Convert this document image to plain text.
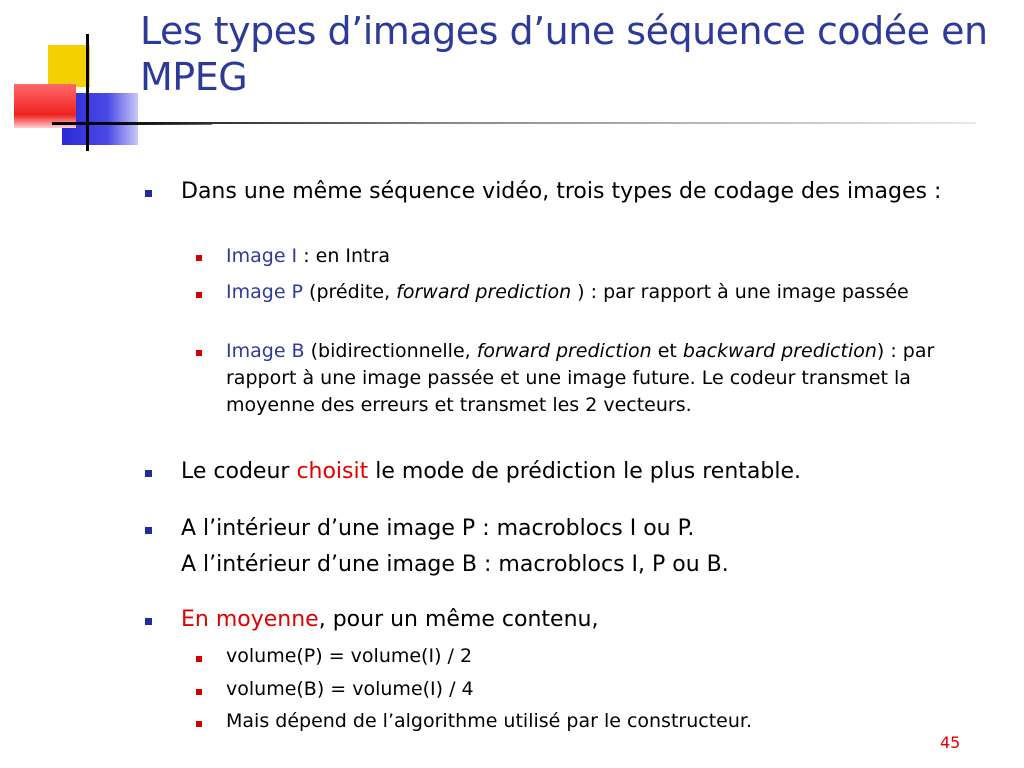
Les types d’images d’une séquence codée en MPEG
Dans une même séquence vidéo, trois types de codage des images :
Image I : en Intra
Image P (prédite, forward prediction ) : par rapport à une image passée
Image B (bidirectionnelle, forward prediction et backward prediction) : par rapport à une image passée et une image future. Le codeur transmet la moyenne des erreurs et transmet les 2 vecteurs.
Le codeur choisit le mode de prédiction le plus rentable.
A l’intérieur d’une image P : macroblocs I ou P.
A l’intérieur d’une image B : macroblocs I, P ou B.
En moyenne, pour un même contenu,
volume(P) = volume(I) / 2
volume(B) = volume(I) / 4
Mais dépend de l’algorithme utilisé par le constructeur.
45
